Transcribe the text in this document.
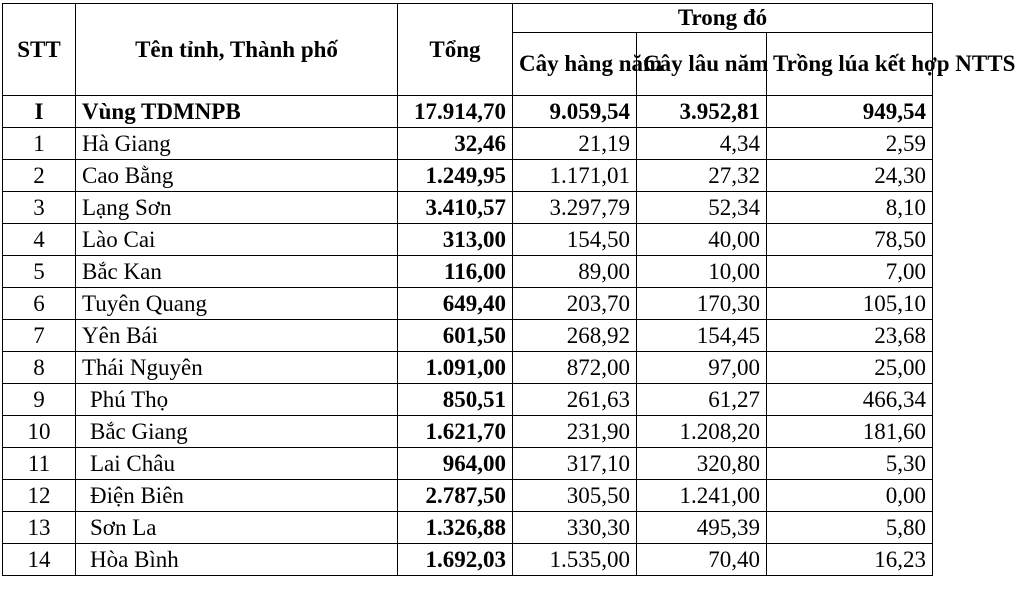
STT	Tên tỉnh, Thành phố	Tổng	Trong đó		
			Cây hàng năm	Cây lâu năm	Trồng lúa kết hợp NTTS
I	Vùng TDMNPB	17.914,70	9.059,54	3.952,81	949,54
1	Hà Giang	32,46	21,19	4,34	2,59
2	Cao Bằng	1.249,95	1.171,01	27,32	24,30
3	Lạng Sơn	3.410,57	3.297,79	52,34	8,10
4	Lào Cai	313,00	154,50	40,00	78,50
5	Bắc Kan	116,00	89,00	10,00	7,00
6	Tuyên Quang	649,40	203,70	170,30	105,10
7	Yên Bái	601,50	268,92	154,45	23,68
8	Thái Nguyên	1.091,00	872,00	97,00	25,00
9	Phú Thọ	850,51	261,63	61,27	466,34
10	Bắc Giang	1.621,70	231,90	1.208,20	181,60
11	Lai Châu	964,00	317,10	320,80	5,30
12	Điện Biên	2.787,50	305,50	1.241,00	0,00
13	Sơn La	1.326,88	330,30	495,39	5,80
14	Hòa Bình	1.692,03	1.535,00	70,40	16,23
